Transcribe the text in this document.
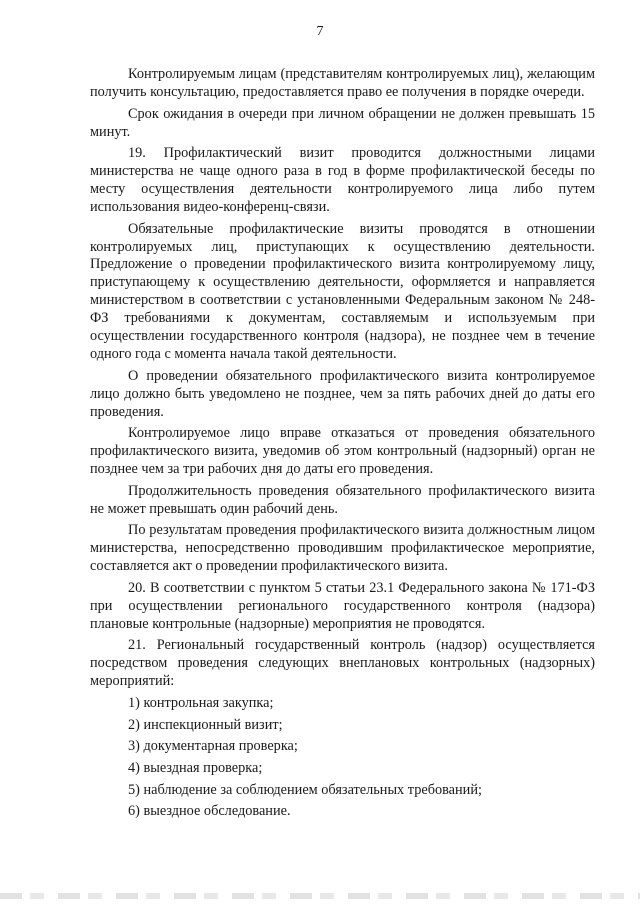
7

Контролируемым лицам (представителям контролируемых лиц), желающим получить консультацию, предоставляется право ее получения в порядке очереди.

Срок ожидания в очереди при личном обращении не должен превышать 15 минут.

19. Профилактический визит проводится должностными лицами министерства не чаще одного раза в год в форме профилактической беседы по месту осуществления деятельности контролируемого лица либо путем использования видео-конференц-связи.

Обязательные профилактические визиты проводятся в отношении контролируемых лиц, приступающих к осуществлению деятельности. Предложение о проведении профилактического визита контролируемому лицу, приступающему к осуществлению деятельности, оформляется и направляется министерством в соответствии с установленными Федеральным законом № 248-ФЗ требованиями к документам, составляемым и используемым при осуществлении государственного контроля (надзора), не позднее чем в течение одного года с момента начала такой деятельности.

О проведении обязательного профилактического визита контролируемое лицо должно быть уведомлено не позднее, чем за пять рабочих дней до даты его проведения.

Контролируемое лицо вправе отказаться от проведения обязательного профилактического визита, уведомив об этом контрольный (надзорный) орган не позднее чем за три рабочих дня до даты его проведения.

Продолжительность проведения обязательного профилактического визита не может превышать один рабочий день.

По результатам проведения профилактического визита должностным лицом министерства, непосредственно проводившим профилактическое мероприятие, составляется акт о проведении профилактического визита.

20. В соответствии с пунктом 5 статьи 23.1 Федерального закона № 171-ФЗ при осуществлении регионального государственного контроля (надзора) плановые контрольные (надзорные) мероприятия не проводятся.

21. Региональный государственный контроль (надзор) осуществляется посредством проведения следующих внеплановых контрольных (надзорных) мероприятий:

1) контрольная закупка;
2) инспекционный визит;
3) документарная проверка;
4) выездная проверка;
5) наблюдение за соблюдением обязательных требований;
6) выездное обследование.
